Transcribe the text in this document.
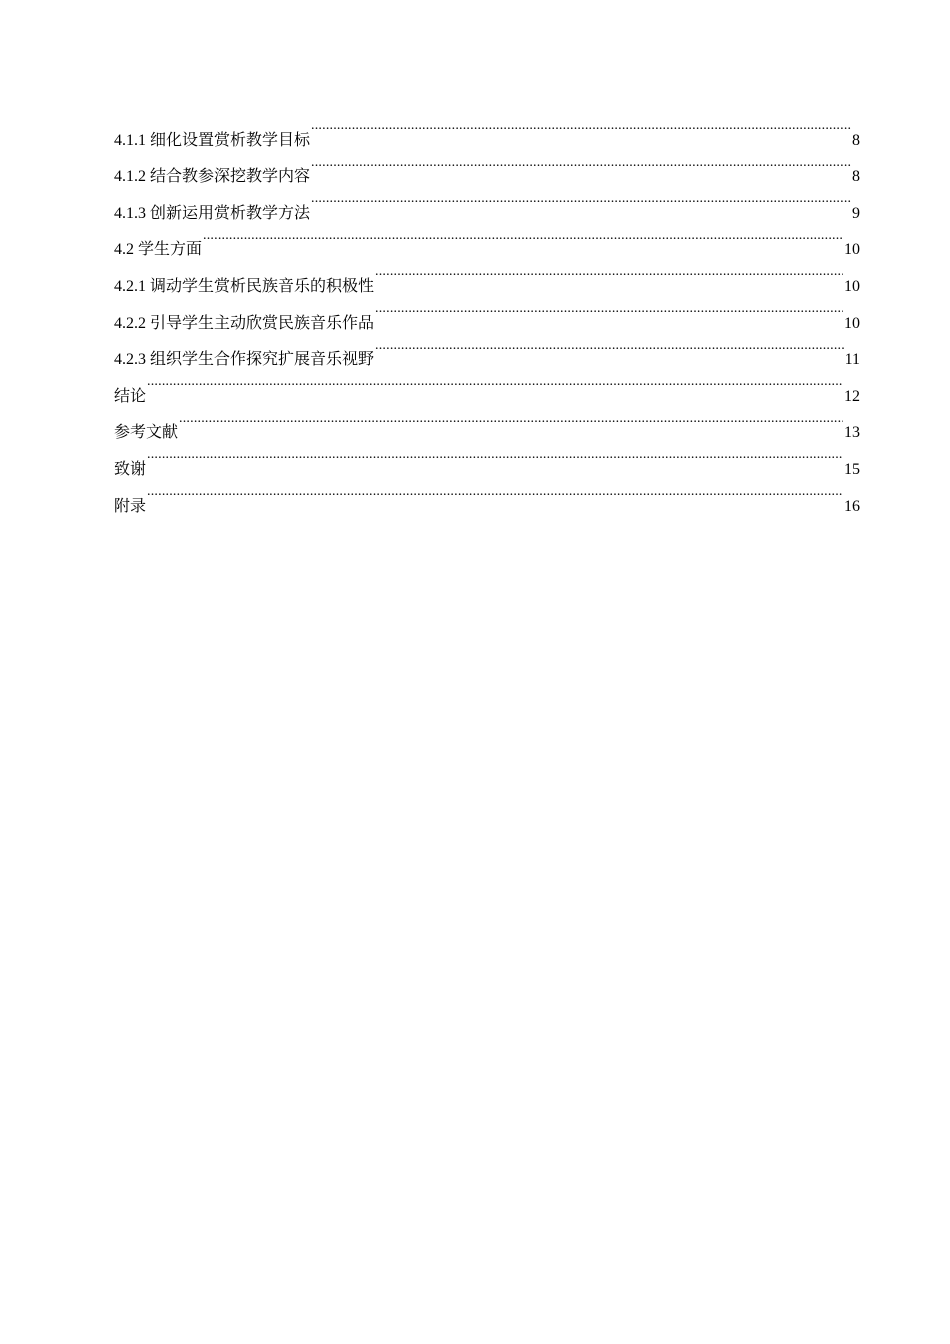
4.1.1 细化设置赏析教学目标 .....	8
4.1.2 结合教参深挖教学内容 .....	8
4.1.3 创新运用赏析教学方法 .....	9
4.2 学生方面 .....	10
4.2.1 调动学生赏析民族音乐的积极性 .....	10
4.2.2 引导学生主动欣赏民族音乐作品 .....	10
4.2.3 组织学生合作探究扩展音乐视野 .....	11
结论 .....	12
参考文献 .....	13
致谢 .....	15
附录 .....	16
